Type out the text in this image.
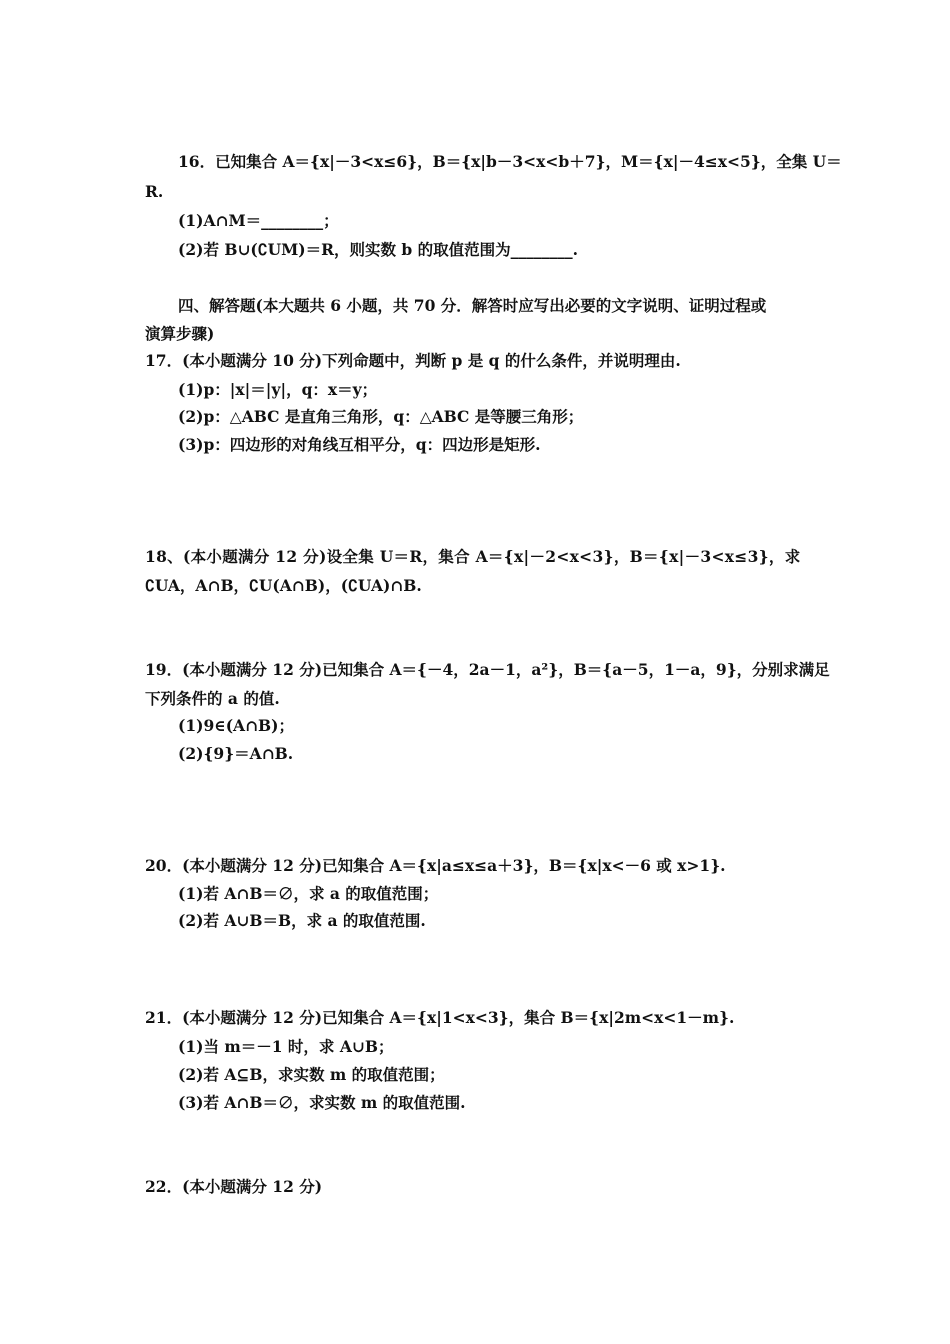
16．已知集合 A＝{x|－3<x≤6}，B＝{x|b－3<x<b＋7}，M＝{x|－4≤x<5}，全集 U＝
R.
(1)A∩M＝________；
(2)若 B∪(∁UM)＝R，则实数 b 的取值范围为________.
四、解答题(本大题共 6 小题，共 70 分．解答时应写出必要的文字说明、证明过程或
演算步骤)
17．(本小题满分 10 分)下列命题中，判断 p 是 q 的什么条件，并说明理由.
(1)p：|x|＝|y|，q：x＝y；
(2)p：△ABC 是直角三角形，q：△ABC 是等腰三角形；
(3)p：四边形的对角线互相平分，q：四边形是矩形.
18、(本小题满分 12 分)设全集 U＝R，集合 A＝{x|－2<x<3}，B＝{x|－3<x≤3}，求
∁UA，A∩B，∁U(A∩B)，(∁UA)∩B.
19．(本小题满分 12 分)已知集合 A＝{－4，2a－1，a²}，B＝{a－5，1－a，9}，分别求满足
下列条件的 a 的值.
(1)9∈(A∩B)；
(2){9}＝A∩B.
20．(本小题满分 12 分)已知集合 A＝{x|a≤x≤a＋3}，B＝{x|x<－6 或 x>1}.
(1)若 A∩B＝∅，求 a 的取值范围；
(2)若 A∪B＝B，求 a 的取值范围.
21．(本小题满分 12 分)已知集合 A＝{x|1<x<3}，集合 B＝{x|2m<x<1－m}.
(1)当 m＝－1 时，求 A∪B；
(2)若 A⊆B，求实数 m 的取值范围；
(3)若 A∩B＝∅，求实数 m 的取值范围.
22．(本小题满分 12 分)
